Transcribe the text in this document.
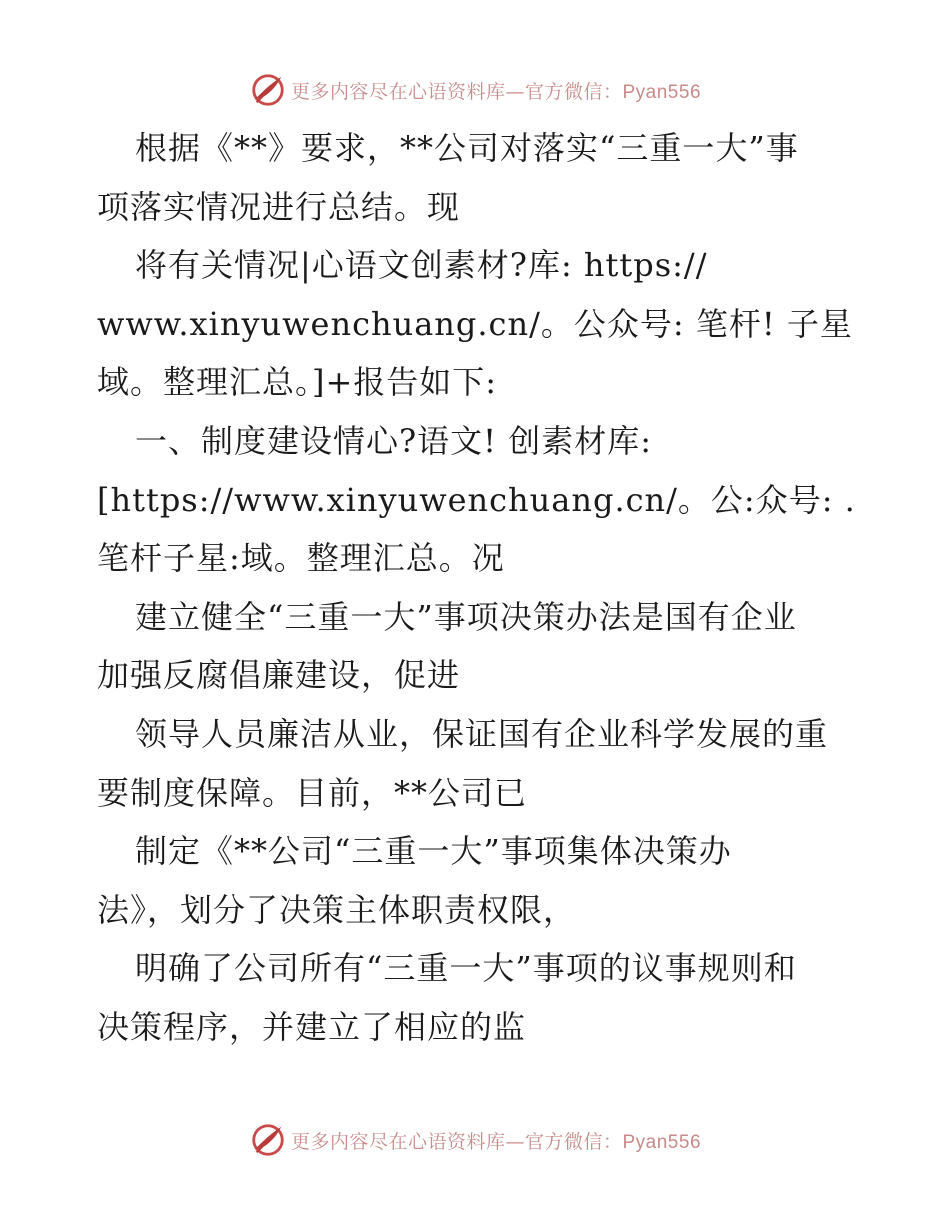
更多内容尽在心语资料库—官方微信：Pyan556
根据《**》要求，**公司对落实“三重一大”事
项落实情况进行总结。现
将有关情况|心语文创素材?库: https://
www.xinyuwenchuang.cn/。公众号: 笔杆! 子星
域。整理汇总。]+报告如下:
一、制度建设情心?语文! 创素材库:
[https://www.xinyuwenchuang.cn/。公:众号: .
笔杆子星:域。整理汇总。况
建立健全“三重一大”事项决策办法是国有企业
加强反腐倡廉建设，促进
领导人员廉洁从业，保证国有企业科学发展的重
要制度保障。目前，**公司已
制定《**公司“三重一大”事项集体决策办
法》，划分了决策主体职责权限，
明确了公司所有“三重一大”事项的议事规则和
决策程序，并建立了相应的监
更多内容尽在心语资料库—官方微信：Pyan556
